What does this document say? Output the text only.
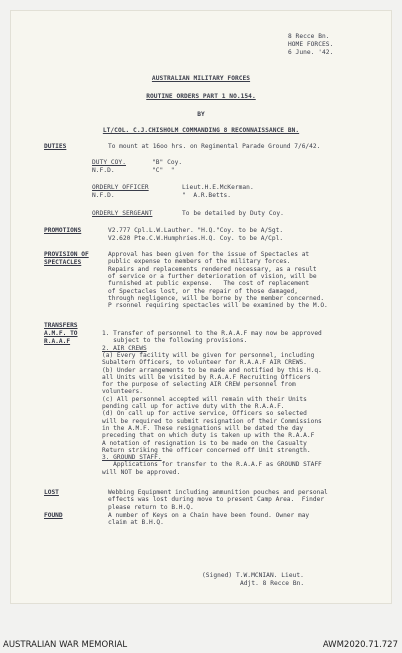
8 Recce Bn.
HOME FORCES.
6 June. '42.
AUSTRALIAN MILITARY FORCES
ROUTINE ORDERS PART 1 NO.154.
BY
LT/COL. C.J.CHISHOLM COMMANDING 8 RECONNAISSANCE BN.
DUTIES	To mount at 16oo hrs. on Regimental Parade Ground 7/6/42.
DUTY COY.	"B" Coy.
N.F.D.	"C"  "
ORDERLY OFFICER	Lieut.H.E.McKerman.
N.F.D.	"  A.R.Betts.
ORDERLY SERGEANT	To be detailed by Duty Coy.
PROMOTIONS	V2.777 Cpl.L.W.Lauther. "H.Q."Coy. to be A/Sgt.
V2.620 Pte.C.W.Humphries.H.Q. Coy. to be A/Cpl.
PROVISION OF
SPECTACLES
Approval has been given for the issue of Spectacles at
public expense to members of the military forces.
Repairs and replacements rendered necessary, as a result
of service or a further deterioration of vision, will be
furnished at public expense.   The cost of replacement
of Spectacles lost, or the repair of those damaged,
through negligence, will be borne by the member concerned.
P rsonnel requiring spectacles will be examined by the M.O.
TRANSFERS
A.M.F. TO
R.A.A.F
1. Transfer of personnel to the R.A.A.F may now be approved
subject to the following provisions.
2. AIR CREWS
(a) Every facility will be given for personnel, including
Subaltern Officers, to volunteer for R.A.A.F AIR CREWS.
(b) Under arrangements to be made and notified by this H.q.
all Units will be visited by R.A.A.F Recruiting Officers
for the purpose of selecting AIR CREW personnel from
volunteers.
(c) All personnel accepted will remain with their Units
pending call up for active duty with the R.A.A.F.
(d) On call up for active service, Officers so selected
will be required to submit resignation of their Commissions
in the A.M.F. These resignations will be dated the day
preceding that on which duty is taken up with the R.A.A.F
A notation of resignation is to be made on the Casualty
Return striking the officer concerned off Unit strength.
3. GROUND STAFF.
Applications for transfer to the R.A.A.F as GROUND STAFF
will NOT be approved.
LOST	Webbing Equipment including ammunition pouches and personal
effects was lost during move to present Camp Area.  Finder
please return to B.H.Q.
FOUND	A number of Keys on a Chain have been found. Owner may
claim at B.H.Q.
(Signed) T.W.MCNIAN. Lieut.
Adjt. 8 Recce Bn.
AUSTRALIAN WAR MEMORIAL	AWM2020.71.727
